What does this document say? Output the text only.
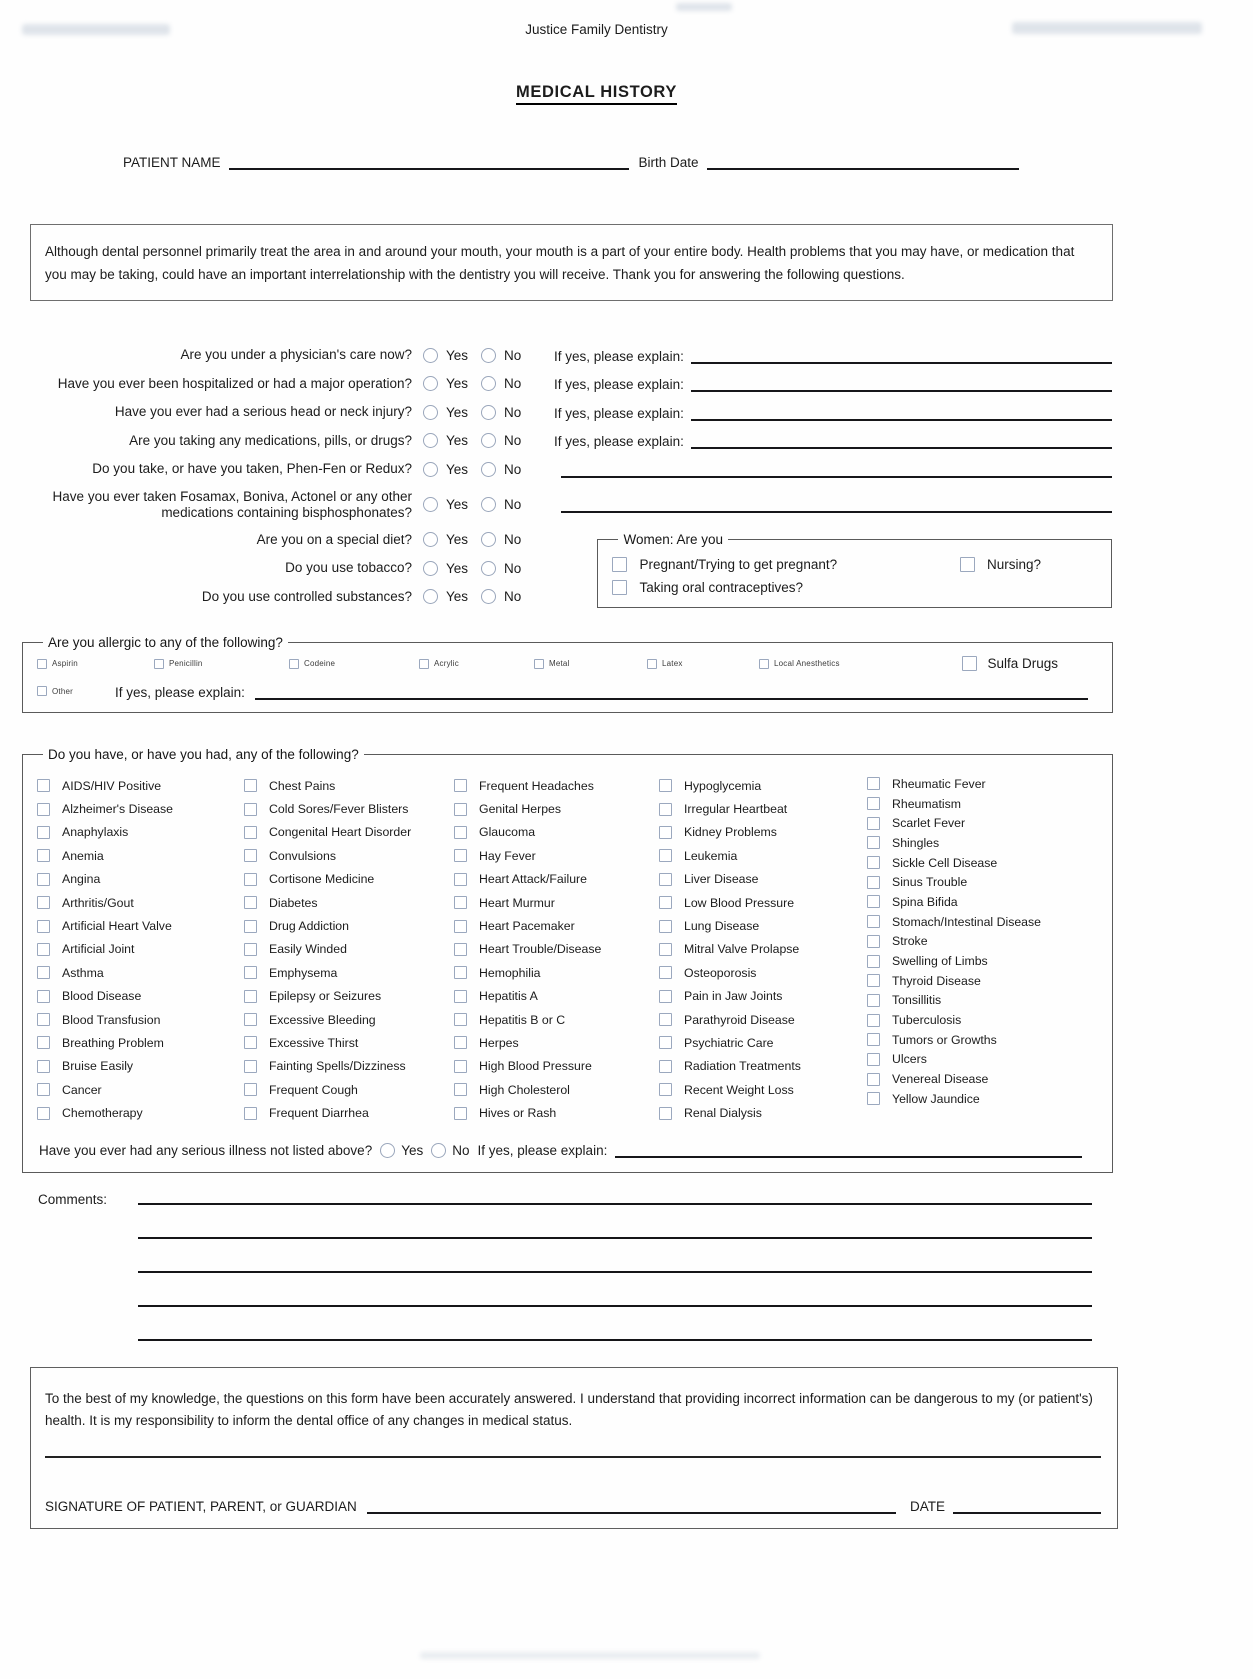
Justice Family Dentistry
MEDICAL HISTORY
PATIENT NAME	Birth Date
Although dental personnel primarily treat the area in and around your mouth, your mouth is a part of your entire body. Health problems that you may have, or medication that you may be taking, could have an important interrelationship with the dentistry you will receive. Thank you for answering the following questions.
Are you under a physician's care now?	Yes	No If yes, please explain:
Have you ever been hospitalized or had a major operation?	Yes	No If yes, please explain:
Have you ever had a serious head or neck injury?	Yes	No If yes, please explain:
Are you taking any medications, pills, or drugs?	Yes	No If yes, please explain:
Do you take, or have you taken, Phen-Fen or Redux?	Yes	No
Have you ever taken Fosamax, Boniva, Actonel or any other medications containing bisphosphonates?	Yes	No
Are you on a special diet?	Yes	No
Do you use tobacco?	Yes	No
Do you use controlled substances?	Yes	No
Women: Are you
Pregnant/Trying to get pregnant?	Nursing?
Taking oral contraceptives?
Are you allergic to any of the following?
Aspirin	Penicillin	Codeine	Acrylic	Metal	Latex	Local Anesthetics	Sulfa Drugs
Other	If yes, please explain:
Do you have, or have you had, any of the following?
AIDS/HIV Positive
Alzheimer's Disease
Anaphylaxis
Anemia
Angina
Arthritis/Gout
Artificial Heart Valve
Artificial Joint
Asthma
Blood Disease
Blood Transfusion
Breathing Problem
Bruise Easily
Cancer
Chemotherapy
Chest Pains
Cold Sores/Fever Blisters
Congenital Heart Disorder
Convulsions
Cortisone Medicine
Diabetes
Drug Addiction
Easily Winded
Emphysema
Epilepsy or Seizures
Excessive Bleeding
Excessive Thirst
Fainting Spells/Dizziness
Frequent Cough
Frequent Diarrhea
Frequent Headaches
Genital Herpes
Glaucoma
Hay Fever
Heart Attack/Failure
Heart Murmur
Heart Pacemaker
Heart Trouble/Disease
Hemophilia
Hepatitis A
Hepatitis B or C
Herpes
High Blood Pressure
High Cholesterol
Hives or Rash
Hypoglycemia
Irregular Heartbeat
Kidney Problems
Leukemia
Liver Disease
Low Blood Pressure
Lung Disease
Mitral Valve Prolapse
Osteoporosis
Pain in Jaw Joints
Parathyroid Disease
Psychiatric Care
Radiation Treatments
Recent Weight Loss
Renal Dialysis
Rheumatic Fever
Rheumatism
Scarlet Fever
Shingles
Sickle Cell Disease
Sinus Trouble
Spina Bifida
Stomach/Intestinal Disease
Stroke
Swelling of Limbs
Thyroid Disease
Tonsillitis
Tuberculosis
Tumors or Growths
Ulcers
Venereal Disease
Yellow Jaundice
Have you ever had any serious illness not listed above? Yes No If yes, please explain:
Comments:
To the best of my knowledge, the questions on this form have been accurately answered. I understand that providing incorrect information can be dangerous to my (or patient's) health. It is my responsibility to inform the dental office of any changes in medical status.
SIGNATURE OF PATIENT, PARENT, or GUARDIAN	DATE
